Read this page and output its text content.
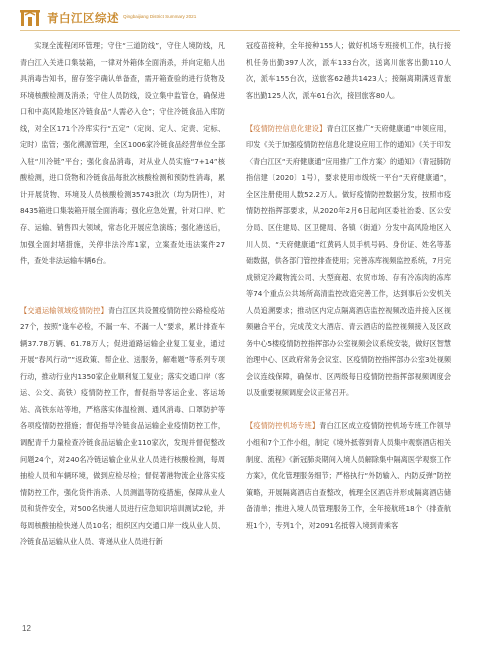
青白江区综述 Qingbaijiang District Summary 2021

实现全流程闭环管理；守住“三道防线”，守住人境防线，凡青白江入关进口集装箱，一律对外箱体全面消杀，并向定船人出具消毒告知书，留存签字确认单备查，需开箱查验的进行货物及环境核酸检测及消杀；守住人员防线，设立集中监管仓，确保进口和中高风险地区冷链食品“人需必入仓”；守住冷链食品入库防线，对全区171个冷库实行“五定”（定岗、定人、定责、定标、定时）监管；强化溯源管理，全区1006家冷链食品经营单位全部入驻“川冷链”平台；强化食品消毒，对从业人员实施“7+14”核酸检测，进口货物和冷链食品每批次核酸检测和预防性消毒，累计开展货物、环境及人员核酸检测35743批次（均为阴性），对8435箱进口集装箱开展全面消毒；强化应急处置，针对口岸、贮存、运输、销售四大领域，常态化开展应急演练；强化港送后，加强全面封堵措施，关停非法冷库1家，立案查处违法案件27件，查处非法运输车辆6台。

【交通运输领域疫情防控】青白江区共设置疫情防控公路检疫站27个，按照“逢车必检，不漏一车、不漏一人”要求，累计排查车辆37.78万辆、61.78万人；促进道路运输企业复工复业，通过开展“春风行动”“返政策、帮企业、送服务，解难题”等系列专项行动，推动行业内1350家企业顺利复工复业；落实交通口岸（客运、公交、高铁）疫情防控工作，督促指导客运企业、客运场站、高铁东站等地，严格落实体温检测、通风消毒、口罩防护等各项疫情防控措施；督促指导冷链食品运输企业疫情防控工作，调配青千力量检查冷链食品运输企业110家次，发现并督促整改问题24个，对240名冷链运输企业从业人员进行核酸检测，每周抽检人员和车辆环境，做到应检尽检；督促著港物流企业落实疫情防控工作，强化货件消杀、人员测温等防疫措施，保障从业人员和货件安全，对500名快递人员进行应急知识培训测试2轮，并每周核酸抽检快递人员10名；组织区内交通口岸一线从业人员、冷链食品运输从业人员、寄递从业人员进行新

冠疫苗接种，全年接种155人；做好机场专班接机工作，执行接机任务出勤397人次，派车133台次，送离川旅客出勤110人次，派车155台次，送旅客62趟共1423人；接隔离期满返青旅客出勤125人次，派车61台次，接回旅客80人。

【疫情防控信息化建设】青白江区推广“天府健康通”申领应用，印发《关于加强疫情防控信息化建设应用工作的通知》《关于印发〈青白江区“天府健康通”应用推广工作方案〉的通知》（青冠肺防指信建〔2020〕1号），要求使用市级统一平台“天府健康通”，全区注册使用人数52.2万人。做好疫情防控数据分发，按照市疫情防控指挥部要求，从2020年2月6日起向区委社治委、区公安分局、区住建局、区卫健局、各镇（街道）分发中高风险地区入川人员、“天府健康通”红黄码人员手机号码、身份证、姓名等基础数据，供各部门管控排查使用；完善冻库视频监控系统，7月完成锁定冷藏物流公司、大型商超、农贸市场、存有冷冻肉的冻库等74个重点公共场所高清监控改造完善工作，达到事后公安机关人员追溯要求；推动区内定点隔离酒店监控视频改造并接入区视频融合平台，完成茂文大酒店、青云酒店的监控视频接入及区政务中心5楼疫情防控指挥部办公室视频会议系统安装，做好区智慧治理中心、区政府常务会议室、区疫情防控指挥部办公室3处视频会议连线保障，确保市、区两级每日疫情防控指挥部视频调度会以及重要视频调度会议正常召开。

【疫情防控机场专班】青白江区成立疫情防控机场专班工作领导小组和7个工作小组，制定《境外抵蓉到青人员集中观察酒店相关制度、流程》《新冠肺炎期间入境人员解除集中隔离医学观察工作方案》，优化管理服务细节；严格执行“外防输入、内防反弹”防控策略，开展隔离酒店自查整改，梳理全区酒店并形成隔离酒店储备清单；推进入境人员管理服务工作，全年接航班18个（排查航班1个），专列1个，对2091名抵蓉入境到青乘客

12
